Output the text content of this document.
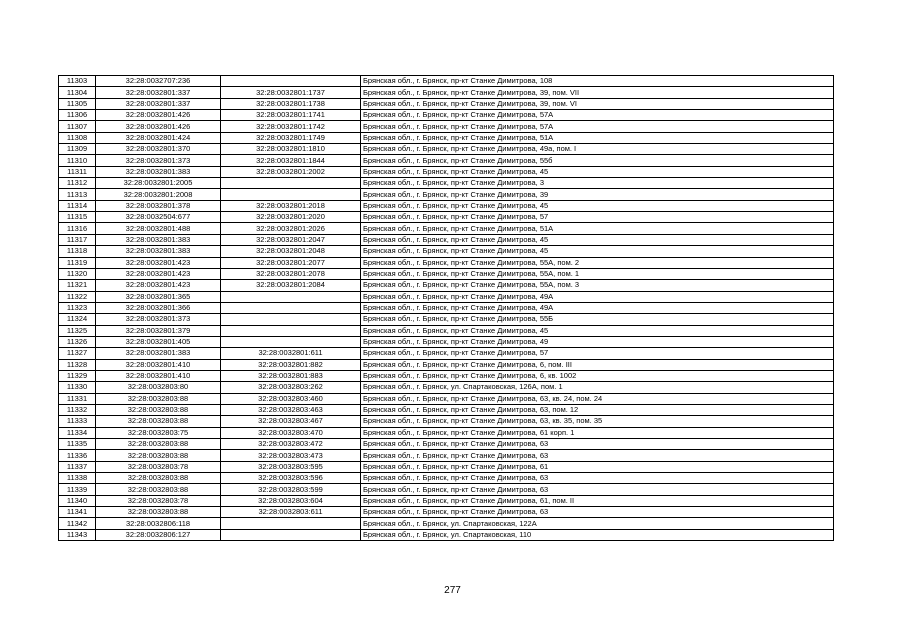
11303	32:28:0032707:236		Брянская обл., г. Брянск, пр-кт Станке Димитрова, 108
11304	32:28:0032801:337	32:28:0032801:1737	Брянская обл., г. Брянск, пр-кт Станке Димитрова, 39, пом. VII
11305	32:28:0032801:337	32:28:0032801:1738	Брянская обл., г. Брянск, пр-кт Станке Димитрова, 39, пом. VI
11306	32:28:0032801:426	32:28:0032801:1741	Брянская обл., г. Брянск, пр-кт Станке Димитрова, 57А
11307	32:28:0032801:426	32:28:0032801:1742	Брянская обл., г. Брянск, пр-кт Станке Димитрова, 57А
11308	32:28:0032801:424	32:28:0032801:1749	Брянская обл., г. Брянск, пр-кт Станке Димитрова, 51А
11309	32:28:0032801:370	32:28:0032801:1810	Брянская обл., г. Брянск, пр-кт Станке Димитрова, 49а, пом. I
11310	32:28:0032801:373	32:28:0032801:1844	Брянская обл., г. Брянск, пр-кт Станке Димитрова, 55б
11311	32:28:0032801:383	32:28:0032801:2002	Брянская обл., г. Брянск, пр-кт Станке Димитрова, 45
11312	32:28:0032801:2005		Брянская обл., г. Брянск, пр-кт Станке Димитрова, 3
11313	32:28:0032801:2008		Брянская обл., г. Брянск, пр-кт Станке Димитрова, 39
11314	32:28:0032801:378	32:28:0032801:2018	Брянская обл., г. Брянск, пр-кт Станке Димитрова, 45
11315	32:28:0032504:677	32:28:0032801:2020	Брянская обл., г. Брянск, пр-кт Станке Димитрова, 57
11316	32:28:0032801:488	32:28:0032801:2026	Брянская обл., г. Брянск, пр-кт Станке Димитрова, 51А
11317	32:28:0032801:383	32:28:0032801:2047	Брянская обл., г. Брянск, пр-кт Станке Димитрова, 45
11318	32:28:0032801:383	32:28:0032801:2048	Брянская обл., г. Брянск, пр-кт Станке Димитрова, 45
11319	32:28:0032801:423	32:28:0032801:2077	Брянская обл., г. Брянск, пр-кт Станке Димитрова, 55А, пом. 2
11320	32:28:0032801:423	32:28:0032801:2078	Брянская обл., г. Брянск, пр-кт Станке Димитрова, 55А, пом. 1
11321	32:28:0032801:423	32:28:0032801:2084	Брянская обл., г. Брянск, пр-кт Станке Димитрова, 55А, пом. 3
11322	32:28:0032801:365		Брянская обл., г. Брянск, пр-кт Станке Димитрова, 49А
11323	32:28:0032801:366		Брянская обл., г. Брянск, пр-кт Станке Димитрова, 49А
11324	32:28:0032801:373		Брянская обл., г. Брянск, пр-кт Станке Димитрова, 55Б
11325	32:28:0032801:379		Брянская обл., г. Брянск, пр-кт Станке Димитрова, 45
11326	32:28:0032801:405		Брянская обл., г. Брянск, пр-кт Станке Димитрова, 49
11327	32:28:0032801:383	32:28:0032801:611	Брянская обл., г. Брянск, пр-кт Станке Димитрова, 57
11328	32:28:0032801:410	32:28:0032801:882	Брянская обл., г. Брянск, пр-кт Станке Димитрова, 6, пом. III
11329	32:28:0032801:410	32:28:0032801:883	Брянская обл., г. Брянск, пр-кт Станке Димитрова, 6, кв. 1002
11330	32:28:0032803:80	32:28:0032803:262	Брянская обл., г. Брянск, ул. Спартаковская, 126А, пом. 1
11331	32:28:0032803:88	32:28:0032803:460	Брянская обл., г. Брянск, пр-кт Станке Димитрова, 63, кв. 24, пом. 24
11332	32:28:0032803:88	32:28:0032803:463	Брянская обл., г. Брянск, пр-кт Станке Димитрова, 63, пом. 12
11333	32:28:0032803:88	32:28:0032803:467	Брянская обл., г. Брянск, пр-кт Станке Димитрова, 63, кв. 35, пом. 35
11334	32:28:0032803:75	32:28:0032803:470	Брянская обл., г. Брянск, пр-кт Станке Димитрова, 61 корп. 1
11335	32:28:0032803:88	32:28:0032803:472	Брянская обл., г. Брянск, пр-кт Станке Димитрова, 63
11336	32:28:0032803:88	32:28:0032803:473	Брянская обл., г. Брянск, пр-кт Станке Димитрова, 63
11337	32:28:0032803:78	32:28:0032803:595	Брянская обл., г. Брянск, пр-кт Станке Димитрова, 61
11338	32:28:0032803:88	32:28:0032803:596	Брянская обл., г. Брянск, пр-кт Станке Димитрова, 63
11339	32:28:0032803:88	32:28:0032803:599	Брянская обл., г. Брянск, пр-кт Станке Димитрова, 63
11340	32:28:0032803:78	32:28:0032803:604	Брянская обл., г. Брянск, пр-кт Станке Димитрова, 61, пом. II
11341	32:28:0032803:88	32:28:0032803:611	Брянская обл., г. Брянск, пр-кт Станке Димитрова, 63
11342	32:28:0032806:118		Брянская обл., г. Брянск, ул. Спартаковская, 122А
11343	32:28:0032806:127		Брянская обл., г. Брянск, ул. Спартаковская, 110
277
